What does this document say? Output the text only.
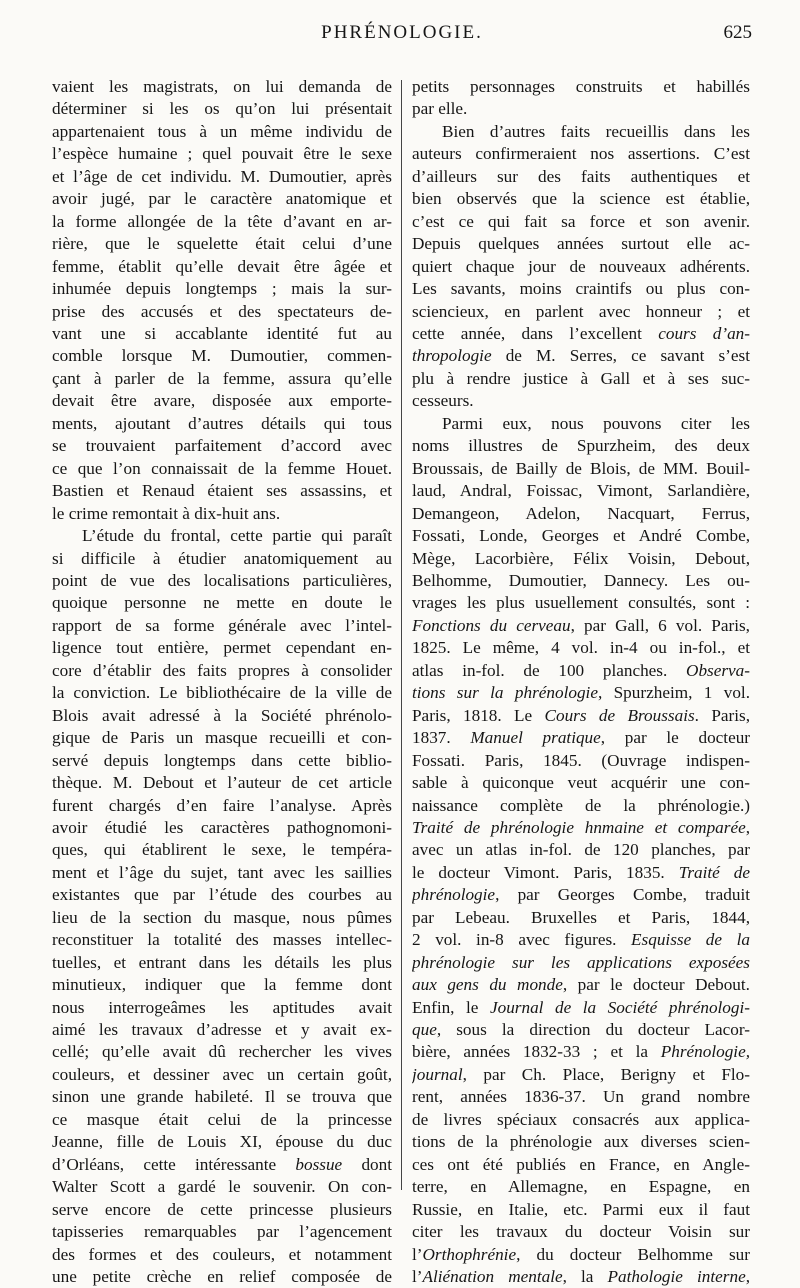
PHRÉNOLOGIE.	625
vaient les magistrats, on lui demanda de
déterminer si les os qu’on lui présentait
appartenaient tous à un même individu de
l’espèce humaine ; quel pouvait être le sexe
et l’âge de cet individu. M. Dumoutier, après
avoir jugé, par le caractère anatomique et
la forme allongée de la tête d’avant en ar-
rière, que le squelette était celui d’une
femme, établit qu’elle devait être âgée et
inhumée depuis longtemps ; mais la sur-
prise des accusés et des spectateurs de-
vant une si accablante identité fut au
comble lorsque M. Dumoutier, commen-
çant à parler de la femme, assura qu’elle
devait être avare, disposée aux emporte-
ments, ajoutant d’autres détails qui tous
se trouvaient parfaitement d’accord avec
ce que l’on connaissait de la femme Houet.
Bastien et Renaud étaient ses assassins, et
le crime remontait à dix-huit ans.
L’étude du frontal, cette partie qui paraît
si difficile à étudier anatomiquement au
point de vue des localisations particulières,
quoique personne ne mette en doute le
rapport de sa forme générale avec l’intel-
ligence tout entière, permet cependant en-
core d’établir des faits propres à consolider
la conviction. Le bibliothécaire de la ville de
Blois avait adressé à la Société phrénolo-
gique de Paris un masque recueilli et con-
servé depuis longtemps dans cette biblio-
thèque. M. Debout et l’auteur de cet article
furent chargés d’en faire l’analyse. Après
avoir étudié les caractères pathognomoni-
ques, qui établirent le sexe, le tempéra-
ment et l’âge du sujet, tant avec les saillies
existantes que par l’étude des courbes au
lieu de la section du masque, nous pûmes
reconstituer la totalité des masses intellec-
tuelles, et entrant dans les détails les plus
minutieux, indiquer que la femme dont
nous interrogeâmes les aptitudes avait
aimé les travaux d’adresse et y avait ex-
cellé; qu’elle avait dû rechercher les vives
couleurs, et dessiner avec un certain goût,
sinon une grande habileté. Il se trouva que
ce masque était celui de la princesse
Jeanne, fille de Louis XI, épouse du duc
d’Orléans, cette intéressante bossue dont
Walter Scott a gardé le souvenir. On con-
serve encore de cette princesse plusieurs
tapisseries remarquables par l’agencement
des formes et des couleurs, et notamment
une petite crèche en relief composée de
petits personnages construits et habillés
par elle.
Bien d’autres faits recueillis dans les
auteurs confirmeraient nos assertions. C’est
d’ailleurs sur des faits authentiques et
bien observés que la science est établie,
c’est ce qui fait sa force et son avenir.
Depuis quelques années surtout elle ac-
quiert chaque jour de nouveaux adhérents.
Les savants, moins craintifs ou plus con-
sciencieux, en parlent avec honneur ; et
cette année, dans l’excellent cours d’an-
thropologie de M. Serres, ce savant s’est
plu à rendre justice à Gall et à ses suc-
cesseurs.
Parmi eux, nous pouvons citer les
noms illustres de Spurzheim, des deux
Broussais, de Bailly de Blois, de MM. Bouil-
laud, Andral, Foissac, Vimont, Sarlandière,
Demangeon, Adelon, Nacquart, Ferrus,
Fossati, Londe, Georges et André Combe,
Mège, Lacorbière, Félix Voisin, Debout,
Belhomme, Dumoutier, Dannecy. Les ou-
vrages les plus usuellement consultés, sont :
Fonctions du cerveau, par Gall, 6 vol. Paris,
1825. Le même, 4 vol. in-4 ou in-fol., et
atlas in-fol. de 100 planches. Observa-
tions sur la phrénologie, Spurzheim, 1 vol.
Paris, 1818. Le Cours de Broussais. Paris,
1837. Manuel pratique, par le docteur
Fossati. Paris, 1845. (Ouvrage indispen-
sable à quiconque veut acquérir une con-
naissance complète de la phrénologie.)
Traité de phrénologie hnmaine et comparée,
avec un atlas in-fol. de 120 planches, par
le docteur Vimont. Paris, 1835. Traité de
phrénologie, par Georges Combe, traduit
par Lebeau. Bruxelles et Paris, 1844,
2 vol. in-8 avec figures. Esquisse de la
phrénologie sur les applications exposées
aux gens du monde, par le docteur Debout.
Enfin, le Journal de la Société phrénologi-
que, sous la direction du docteur Lacor-
bière, années 1832-33 ; et la Phrénologie,
journal, par Ch. Place, Berigny et Flo-
rent, années 1836-37. Un grand nombre
de livres spéciaux consacrés aux applica-
tions de la phrénologie aux diverses scien-
ces ont été publiés en France, en Angle-
terre, en Allemagne, en Espagne, en
Russie, en Italie, etc. Parmi eux il faut
citer les travaux du docteur Voisin sur
l’Orthophrénie, du docteur Belhomme sur
l’Aliénation mentale, la Pathologie interne,
